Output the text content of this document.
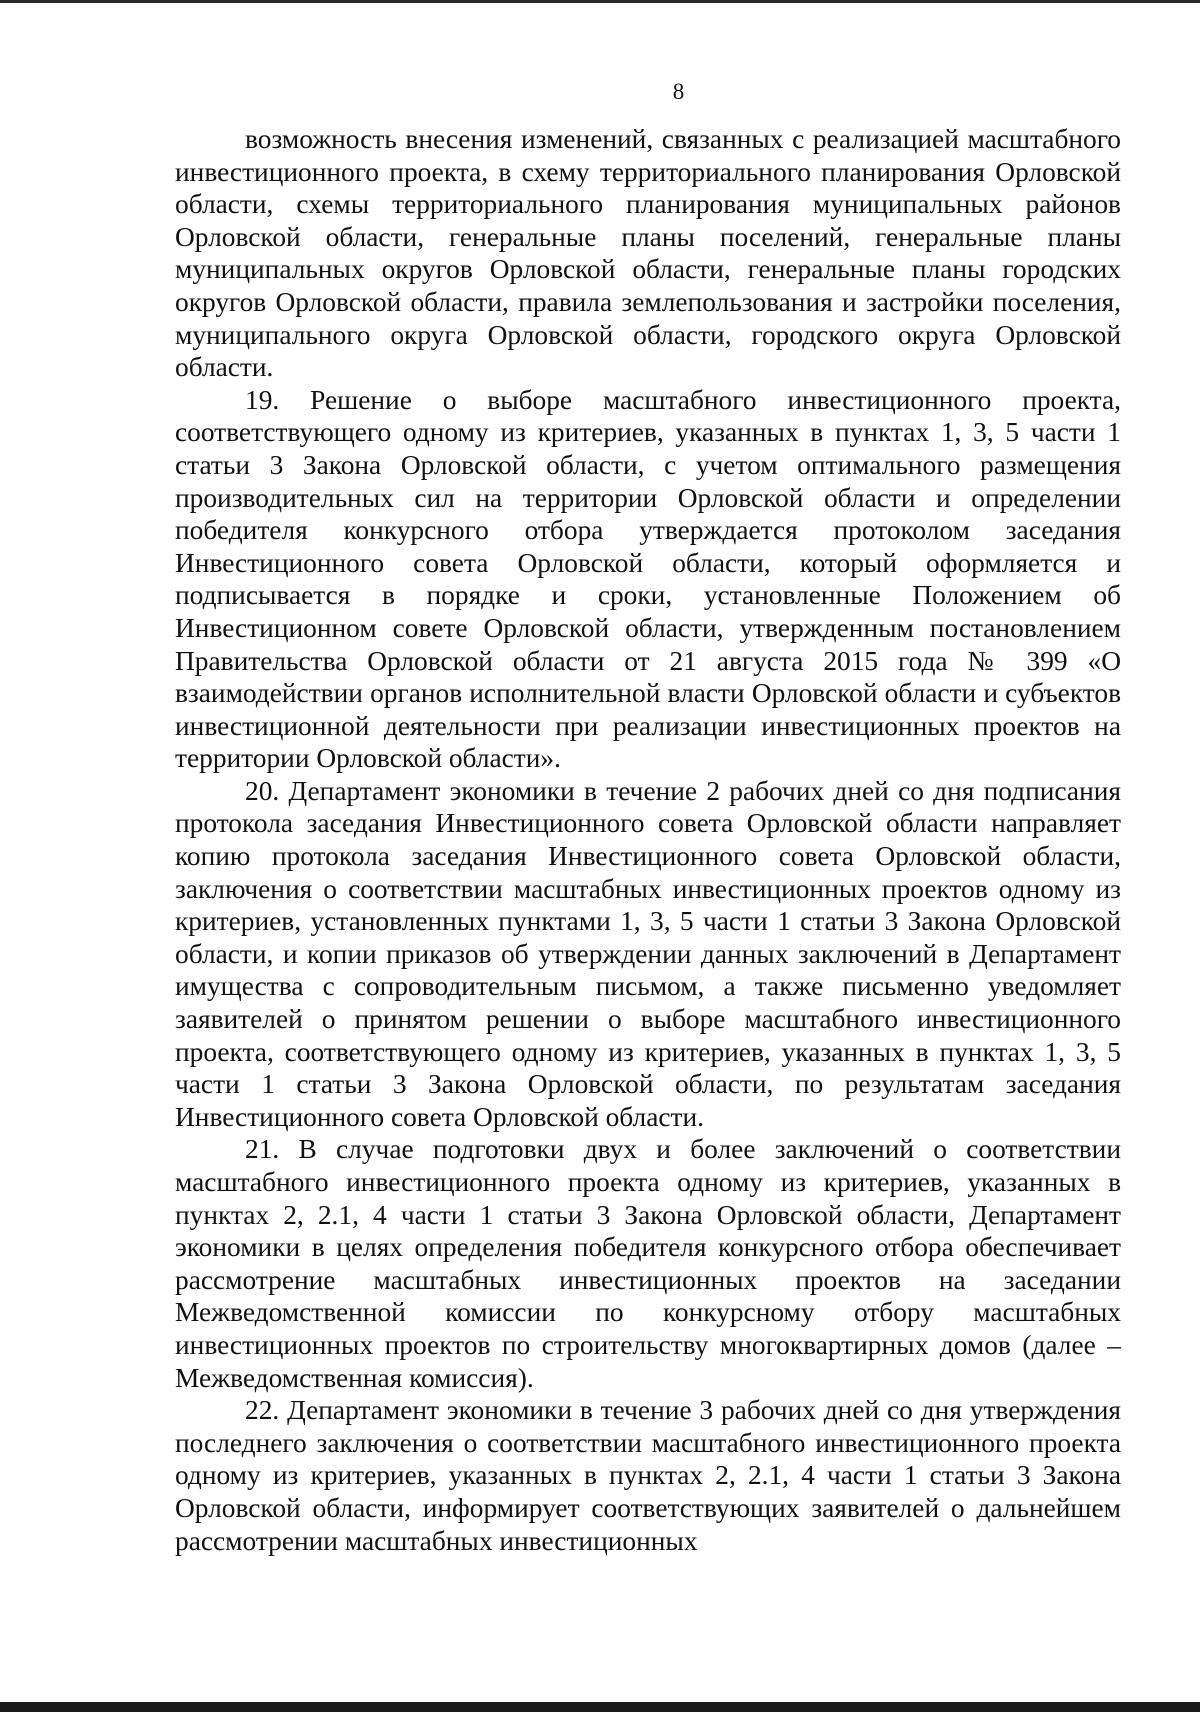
8

возможность внесения изменений, связанных с реализацией масштабного инвестиционного проекта, в схему территориального планирования Орловской области, схемы территориального планирования муниципальных районов Орловской области, генеральные планы поселений, генеральные планы муниципальных округов Орловской области, генеральные планы городских округов Орловской области, правила землепользования и застройки поселения, муниципального округа Орловской области, городского округа Орловской области.

19. Решение о выборе масштабного инвестиционного проекта, соответствующего одному из критериев, указанных в пунктах 1, 3, 5 части 1 статьи 3 Закона Орловской области, с учетом оптимального размещения производительных сил на территории Орловской области и определении победителя конкурсного отбора утверждается протоколом заседания Инвестиционного совета Орловской области, который оформляется и подписывается в порядке и сроки, установленные Положением об Инвестиционном совете Орловской области, утвержденным постановлением Правительства Орловской области от 21 августа 2015 года № 399 «О взаимодействии органов исполнительной власти Орловской области и субъектов инвестиционной деятельности при реализации инвестиционных проектов на территории Орловской области».

20. Департамент экономики в течение 2 рабочих дней со дня подписания протокола заседания Инвестиционного совета Орловской области направляет копию протокола заседания Инвестиционного совета Орловской области, заключения о соответствии масштабных инвестиционных проектов одному из критериев, установленных пунктами 1, 3, 5 части 1 статьи 3 Закона Орловской области, и копии приказов об утверждении данных заключений в Департамент имущества с сопроводительным письмом, а также письменно уведомляет заявителей о принятом решении о выборе масштабного инвестиционного проекта, соответствующего одному из критериев, указанных в пунктах 1, 3, 5 части 1 статьи 3 Закона Орловской области, по результатам заседания Инвестиционного совета Орловской области.

21. В случае подготовки двух и более заключений о соответствии масштабного инвестиционного проекта одному из критериев, указанных в пунктах 2, 2.1, 4 части 1 статьи 3 Закона Орловской области, Департамент экономики в целях определения победителя конкурсного отбора обеспечивает рассмотрение масштабных инвестиционных проектов на заседании Межведомственной комиссии по конкурсному отбору масштабных инвестиционных проектов по строительству многоквартирных домов (далее – Межведомственная комиссия).

22. Департамент экономики в течение 3 рабочих дней со дня утверждения последнего заключения о соответствии масштабного инвестиционного проекта одному из критериев, указанных в пунктах 2, 2.1, 4 части 1 статьи 3 Закона Орловской области, информирует соответствующих заявителей о дальнейшем рассмотрении масштабных инвестиционных
